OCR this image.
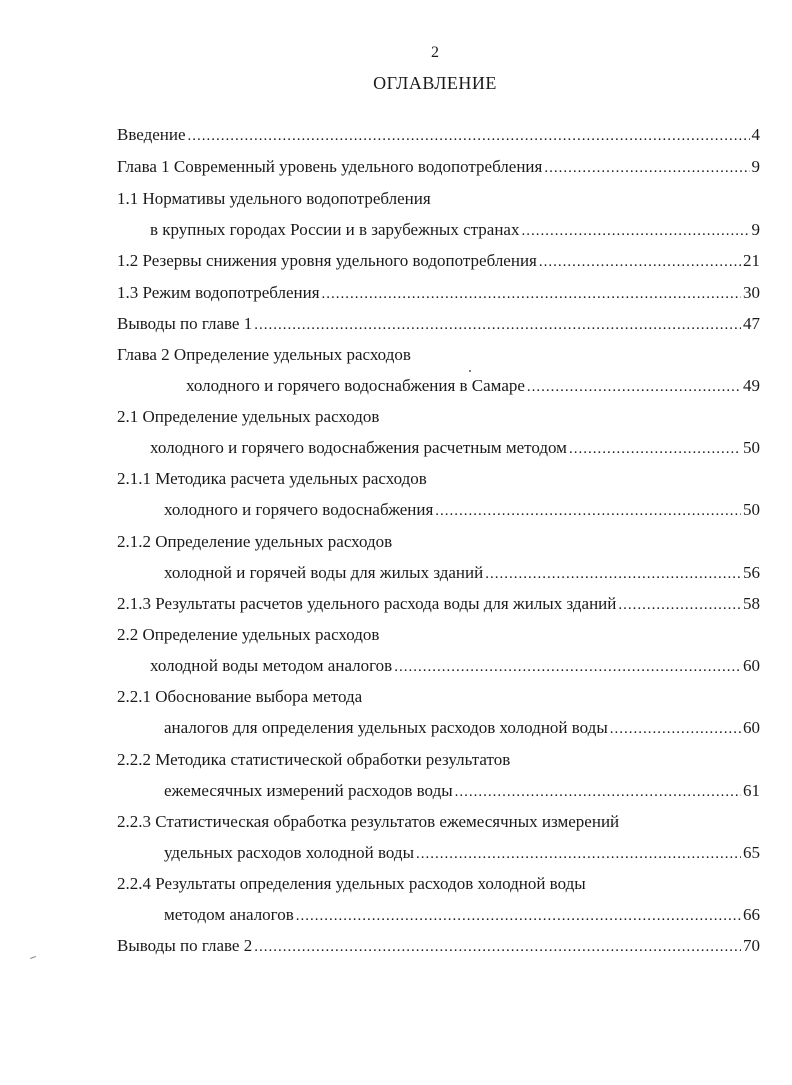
2
ОГЛАВЛЕНИЕ
Введение .....	4
Глава 1 Современный уровень удельного водопотребления .....	9
1.1 Нормативы удельного водопотребления
в крупных городах России и в зарубежных странах .....	9
1.2 Резервы снижения уровня удельного водопотребления .....	21
1.3 Режим водопотребления .....	30
Выводы по главе 1 .....	47
Глава 2 Определение удельных расходов
холодного и горячего водоснабжения в Самаре .....	49
2.1 Определение удельных расходов
холодного и горячего водоснабжения расчетным методом .....	50
2.1.1 Методика расчета удельных расходов
холодного и горячего водоснабжения .....	50
2.1.2 Определение удельных расходов
холодной и горячей воды для жилых зданий .....	56
2.1.3 Результаты расчетов удельного расхода воды для жилых зданий .....	58
2.2 Определение удельных расходов
холодной воды методом аналогов .....	60
2.2.1 Обоснование выбора метода
аналогов для определения удельных расходов холодной воды .....	60
2.2.2 Методика статистической обработки результатов
ежемесячных измерений расходов воды .....	61
2.2.3 Статистическая обработка результатов ежемесячных измерений
удельных расходов холодной воды .....	65
2.2.4 Результаты определения удельных расходов холодной воды
методом аналогов .....	66
Выводы по главе 2 .....	70
